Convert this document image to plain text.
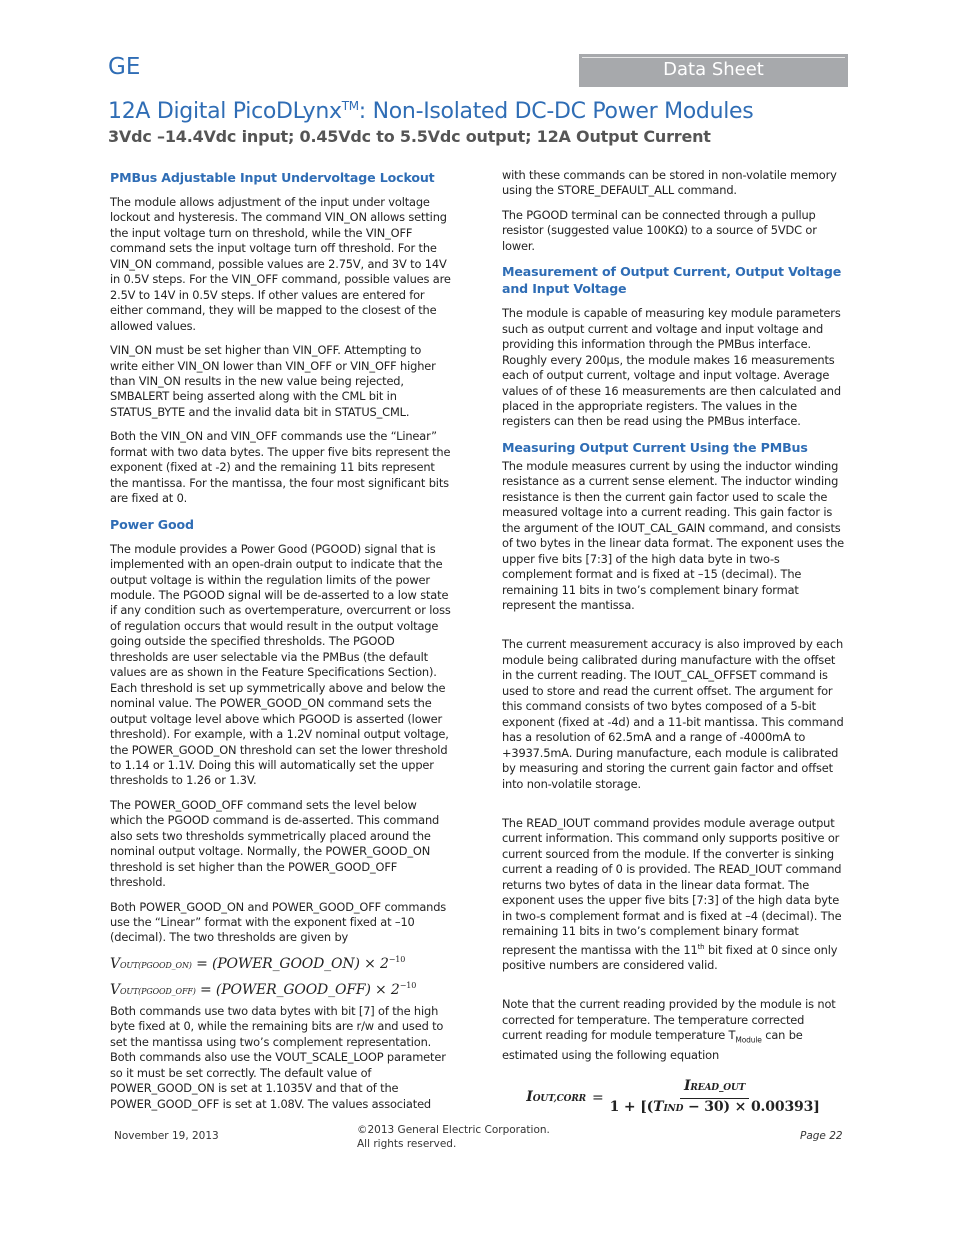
GE	Data Sheet
12A Digital PicoDLynx™: Non-Isolated DC-DC Power Modules
3Vdc –14.4Vdc input; 0.45Vdc to 5.5Vdc output; 12A Output Current
PMBus Adjustable Input Undervoltage Lockout

The module allows adjustment of the input under voltage lockout and hysteresis. The command VIN_ON allows setting the input voltage turn on threshold, while the VIN_OFF command sets the input voltage turn off threshold. For the VIN_ON command, possible values are 2.75V, and 3V to 14V in 0.5V steps. For the VIN_OFF command, possible values are 2.5V to 14V in 0.5V steps. If other values are entered for either command, they will be mapped to the closest of the allowed values.

VIN_ON must be set higher than VIN_OFF. Attempting to write either VIN_ON lower than VIN_OFF or VIN_OFF higher than VIN_ON results in the new value being rejected, SMBALERT being asserted along with the CML bit in STATUS_BYTE and the invalid data bit in STATUS_CML.

Both the VIN_ON and VIN_OFF commands use the “Linear” format with two data bytes. The upper five bits represent the exponent (fixed at -2) and the remaining 11 bits represent the mantissa. For the mantissa, the four most significant bits are fixed at 0.

Power Good

The module provides a Power Good (PGOOD) signal that is implemented with an open-drain output to indicate that the output voltage is within the regulation limits of the power module. The PGOOD signal will be de-asserted to a low state if any condition such as overtemperature, overcurrent or loss of regulation occurs that would result in the output voltage going outside the specified thresholds. The PGOOD thresholds are user selectable via the PMBus (the default values are as shown in the Feature Specifications Section). Each threshold is set up symmetrically above and below the nominal value. The POWER_GOOD_ON command sets the output voltage level above which PGOOD is asserted (lower threshold). For example, with a 1.2V nominal output voltage, the POWER_GOOD_ON threshold can set the lower threshold to 1.14 or 1.1V. Doing this will automatically set the upper thresholds to 1.26 or 1.3V.

The POWER_GOOD_OFF command sets the level below which the PGOOD command is de-asserted. This command also sets two thresholds symmetrically placed around the nominal output voltage. Normally, the POWER_GOOD_ON threshold is set higher than the POWER_GOOD_OFF threshold.

Both POWER_GOOD_ON and POWER_GOOD_OFF commands use the “Linear” format with the exponent fixed at –10 (decimal). The two thresholds are given by

VOUT(PGOOD_ON) = (POWER_GOOD_ON) × $2^{-10}$
VOUT(PGOOD_OFF) = (POWER_GOOD_OFF) × $2^{-10}$

Both commands use two data bytes with bit [7] of the high byte fixed at 0, while the remaining bits are r/w and used to set the mantissa using two’s complement representation. Both commands also use the VOUT_SCALE_LOOP parameter so it must be set correctly. The default value of POWER_GOOD_ON is set at 1.1035V and that of the POWER_GOOD_OFF is set at 1.08V. The values associated

with these commands can be stored in non-volatile memory using the STORE_DEFAULT_ALL command.

The PGOOD terminal can be connected through a pullup resistor (suggested value 100KΩ) to a source of 5VDC or lower.

Measurement of Output Current, Output Voltage and Input Voltage

The module is capable of measuring key module parameters such as output current and voltage and input voltage and providing this information through the PMBus interface. Roughly every 200μs, the module makes 16 measurements each of output current, voltage and input voltage. Average values of of these 16 measurements are then calculated and placed in the appropriate registers. The values in the registers can then be read using the PMBus interface.

Measuring Output Current Using the PMBus

The module measures current by using the inductor winding resistance as a current sense element. The inductor winding resistance is then the current gain factor used to scale the measured voltage into a current reading. This gain factor is the argument of the IOUT_CAL_GAIN command, and consists of two bytes in the linear data format. The exponent uses the upper five bits [7:3] of the high data byte in two-s complement format and is fixed at –15 (decimal). The remaining 11 bits in two’s complement binary format represent the mantissa.

The current measurement accuracy is also improved by each module being calibrated during manufacture with the offset in the current reading. The IOUT_CAL_OFFSET command is used to store and read the current offset. The argument for this command consists of two bytes composed of a 5-bit exponent (fixed at -4d) and a 11-bit mantissa. This command has a resolution of 62.5mA and a range of -4000mA to +3937.5mA. During manufacture, each module is calibrated by measuring and storing the current gain factor and offset into non-volatile storage.

The READ_IOUT command provides module average output current information. This command only supports positive or current sourced from the module. If the converter is sinking current a reading of 0 is provided. The READ_IOUT command returns two bytes of data in the linear data format. The exponent uses the upper five bits [7:3] of the high data byte in two-s complement format and is fixed at –4 (decimal). The remaining 11 bits in two’s complement binary format represent the mantissa with the 11th bit fixed at 0 since only positive numbers are considered valid.

Note that the current reading provided by the module is not corrected for temperature. The temperature corrected current reading for module temperature $T_{Module}$ can be estimated using the following equation

IOUT,CORR = $\frac{\text{IREAD\_OUT}}{\text{1 + [(TIND − 30) × 0.00393]}}$
November 19, 2013	©2013 General Electric Corporation.
All rights reserved.
Page 22
